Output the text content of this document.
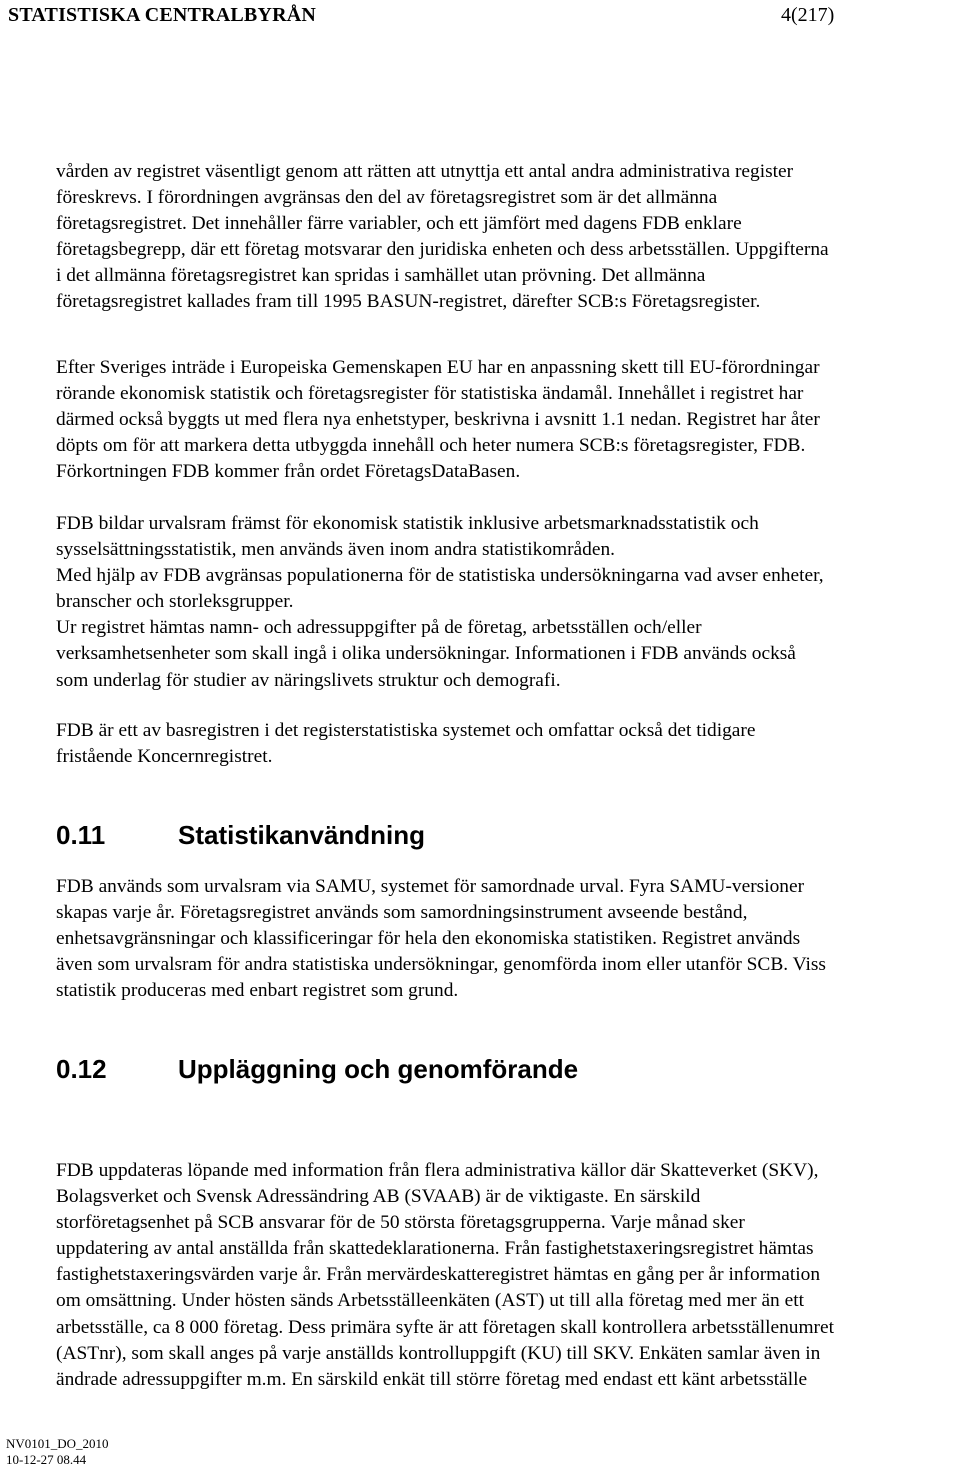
STATISTISKA CENTRALBYRÅN	4(217)
vården av registret väsentligt genom att rätten att utnyttja ett antal andra administrativa register
föreskrevs. I förordningen avgränsas den del av företagsregistret som är det allmänna
företagsregistret. Det innehåller färre variabler, och ett jämfört med dagens FDB enklare
företagsbegrepp, där ett företag motsvarar den juridiska enheten och dess arbetsställen. Uppgifterna
i det allmänna företagsregistret kan spridas i samhället utan prövning. Det allmänna
företagsregistret kallades fram till 1995 BASUN-registret, därefter SCB:s Företagsregister.
Efter Sveriges inträde i Europeiska Gemenskapen EU har en anpassning skett till EU-förordningar
rörande ekonomisk statistik och företagsregister för statistiska ändamål. Innehållet i registret har
därmed också byggts ut med flera nya enhetstyper, beskrivna i avsnitt 1.1 nedan. Registret har åter
döpts om för att markera detta utbyggda innehåll och heter numera SCB:s företagsregister, FDB.
Förkortningen FDB kommer från ordet FöretagsDataBasen.
FDB bildar urvalsram främst för ekonomisk statistik inklusive arbetsmarknadsstatistik och
sysselsättningsstatistik, men används även inom andra statistikområden.
Med hjälp av FDB avgränsas populationerna för de statistiska undersökningarna vad avser enheter,
branscher och storleksgrupper.
Ur registret hämtas namn- och adressuppgifter på de företag, arbetsställen och/eller
verksamhetsenheter som skall ingå i olika undersökningar. Informationen i FDB används också
som underlag för studier av näringslivets struktur och demografi.
FDB är ett av basregistren i det registerstatistiska systemet och omfattar också det tidigare
fristående Koncernregistret.
0.11	Statistikanvändning
FDB används som urvalsram via SAMU, systemet för samordnade urval. Fyra SAMU-versioner
skapas varje år. Företagsregistret används som samordningsinstrument avseende bestånd,
enhetsavgränsningar och klassificeringar för hela den ekonomiska statistiken. Registret används
även som urvalsram för andra statistiska undersökningar, genomförda inom eller utanför SCB. Viss
statistik produceras med enbart registret som grund.
0.12	Uppläggning och genomförande
FDB uppdateras löpande med information från flera administrativa källor där Skatteverket (SKV),
Bolagsverket och Svensk Adressändring AB (SVAAB) är de viktigaste. En särskild
storföretagsenhet på SCB ansvarar för de 50 största företagsgrupperna. Varje månad sker
uppdatering av antal anställda från skattedeklarationerna. Från fastighetstaxeringsregistret hämtas
fastighetstaxeringsvärden varje år. Från mervärdeskatteregistret hämtas en gång per år information
om omsättning. Under hösten sänds Arbetsställeenkäten (AST) ut till alla företag med mer än ett
arbetsställe, ca 8 000 företag. Dess primära syfte är att företagen skall kontrollera arbetsställenumret
(ASTnr), som skall anges på varje anställds kontrolluppgift (KU) till SKV. Enkäten samlar även in
ändrade adressuppgifter m.m. En särskild enkät till större företag med endast ett känt arbetsställe
NV0101_DO_2010
10-12-27 08.44
